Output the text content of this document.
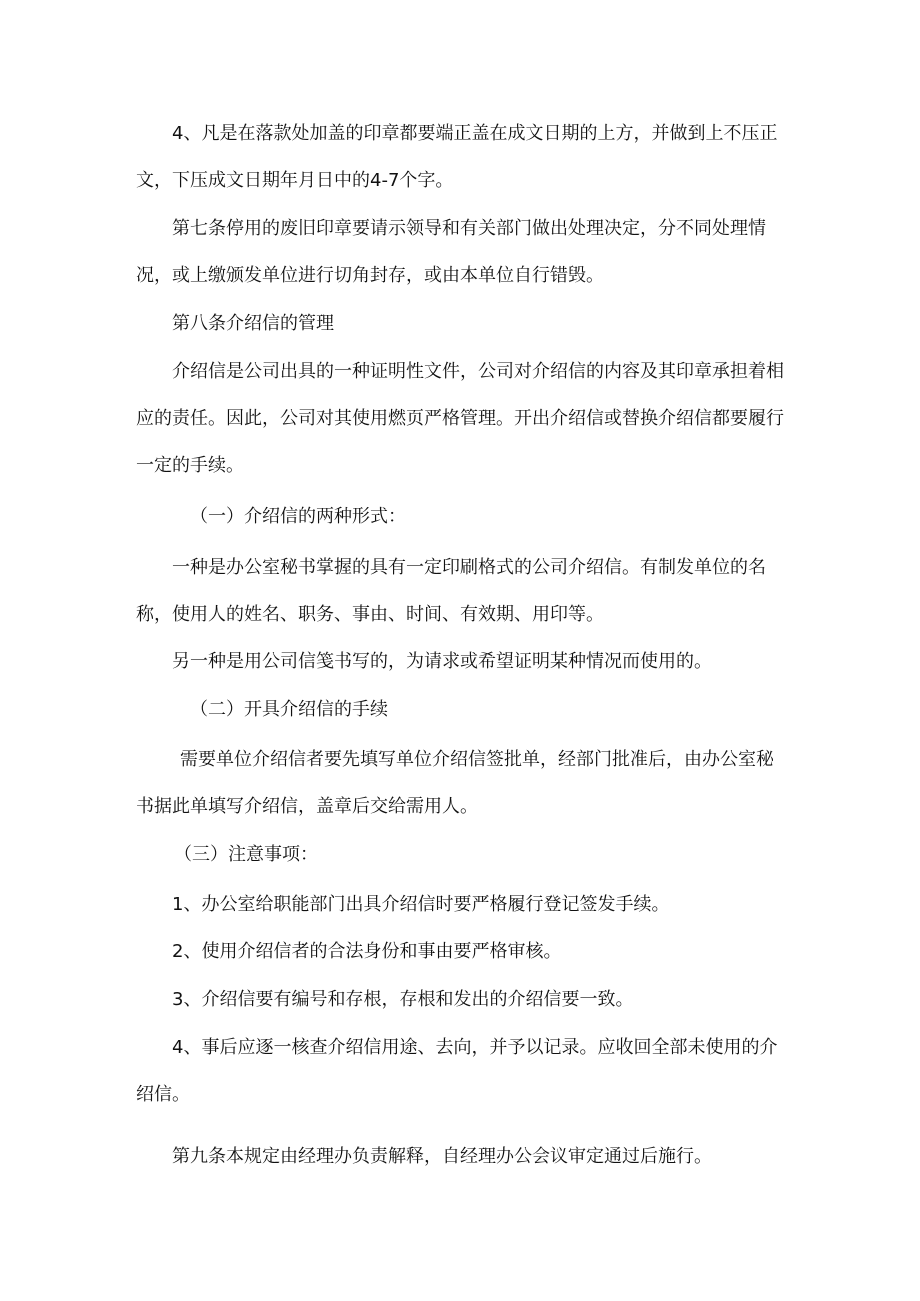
4、凡是在落款处加盖的印章都要端正盖在成文日期的上方，并做到上不压正文，下压成文日期年月日中的4-7个字。

第七条停用的废旧印章要请示领导和有关部门做出处理决定，分不同处理情况，或上缴颁发单位进行切角封存，或由本单位自行错毁。

第八条介绍信的管理

介绍信是公司出具的一种证明性文件，公司对介绍信的内容及其印章承担着相应的责任。因此，公司对其使用燃页严格管理。开出介绍信或替换介绍信都要履行一定的手续。

（一）介绍信的两种形式：

一种是办公室秘书掌握的具有一定印刷格式的公司介绍信。有制发单位的名称，使用人的姓名、职务、事由、时间、有效期、用印等。

另一种是用公司信笺书写的，为请求或希望证明某种情况而使用的。

（二）开具介绍信的手续

需要单位介绍信者要先填写单位介绍信签批单，经部门批准后，由办公室秘书据此单填写介绍信，盖章后交给需用人。

（三）注意事项：

1、办公室给职能部门出具介绍信时要严格履行登记签发手续。

2、使用介绍信者的合法身份和事由要严格审核。

3、介绍信要有编号和存根，存根和发出的介绍信要一致。

4、事后应逐一核查介绍信用途、去向，并予以记录。应收回全部未使用的介绍信。

第九条本规定由经理办负责解释，自经理办公会议审定通过后施行。
